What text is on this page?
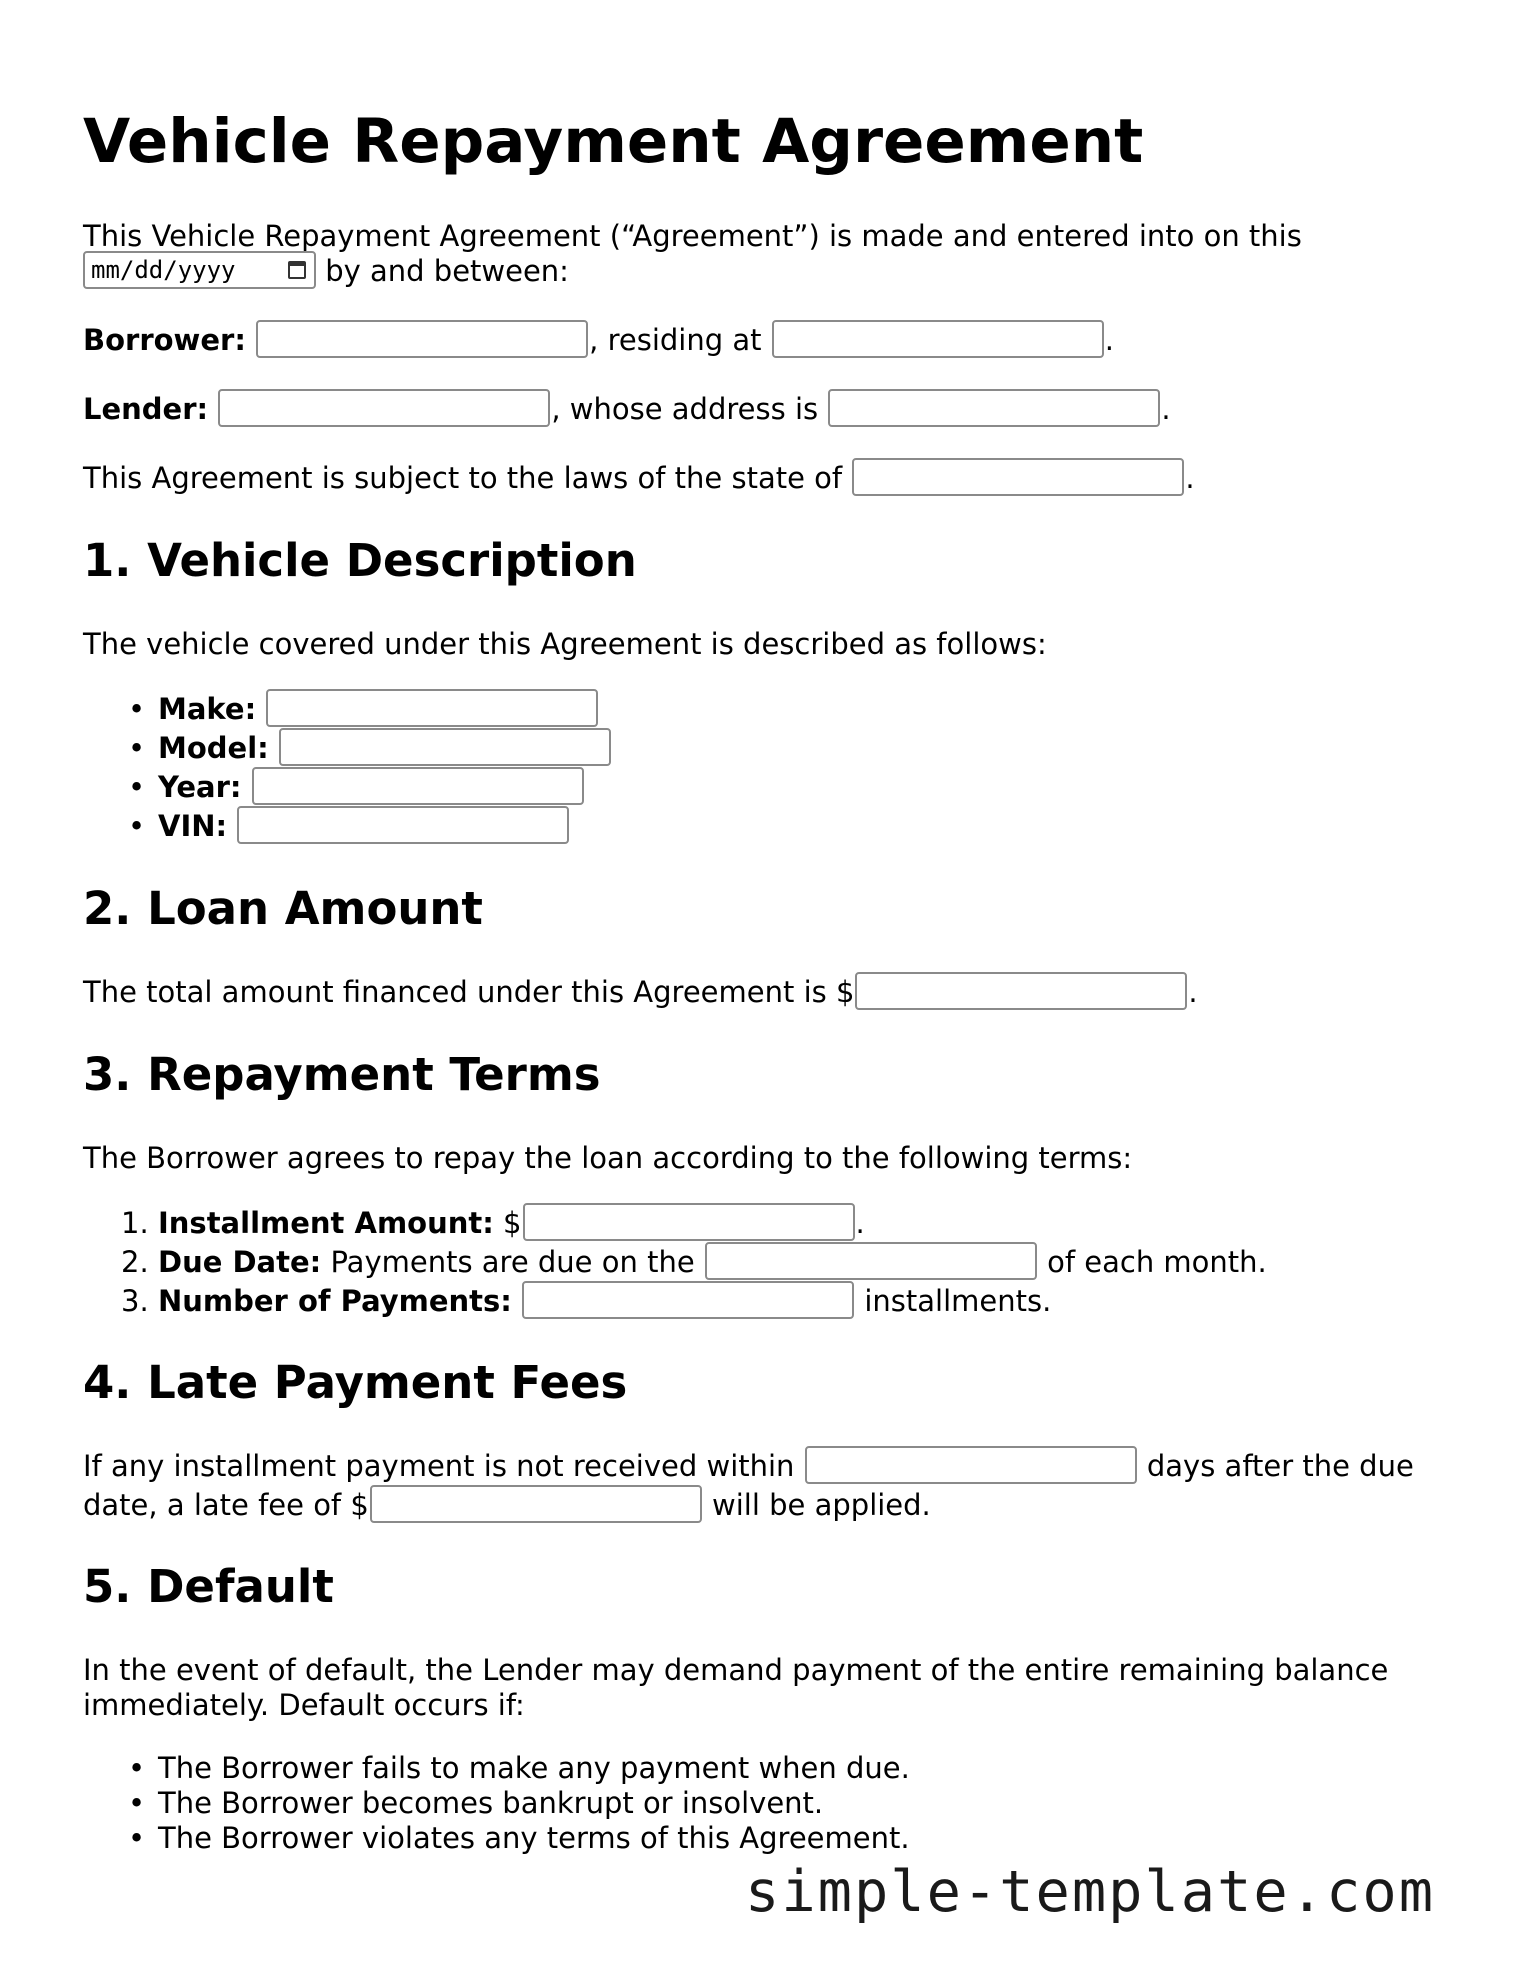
Vehicle Repayment Agreement
This Vehicle Repayment Agreement (“Agreement”) is made and entered into on this
mm/dd/yyyy	by and between:
Borrower:	, residing at	.
Lender:	, whose address is	.
This Agreement is subject to the laws of the state of	.
1. Vehicle Description
The vehicle covered under this Agreement is described as follows:
• Make:
• Model:
• Year:
• VIN:
2. Loan Amount
The total amount financed under this Agreement is $	.
3. Repayment Terms
The Borrower agrees to repay the loan according to the following terms:
1. Installment Amount: $	.
2. Due Date: Payments are due on the	of each month.
3. Number of Payments:	installments.
4. Late Payment Fees
If any installment payment is not received within	days after the due
date, a late fee of $	will be applied.
5. Default
In the event of default, the Lender may demand payment of the entire remaining balance
immediately. Default occurs if:
• The Borrower fails to make any payment when due.
• The Borrower becomes bankrupt or insolvent.
• The Borrower violates any terms of this Agreement.
simple-template.com
